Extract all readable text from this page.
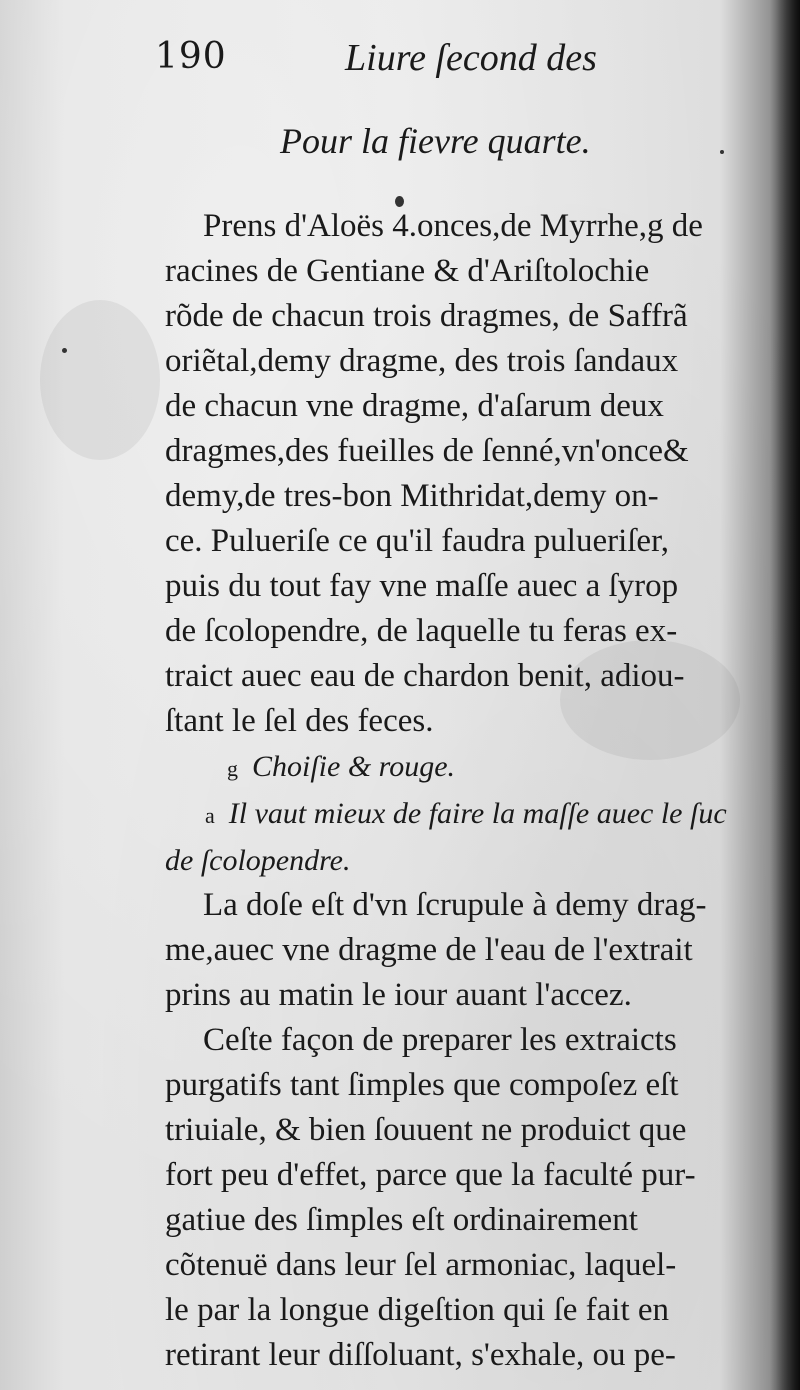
190	Liure ſecond des
Pour la fievre quarte.
Prens d'Aloës 4.onces,de Myrrhe,g de
racines de Gentiane & d'Ariſtolochie
rõde de chacun trois dragmes, de Saffrã
oriẽtal,demy dragme, des trois ſandaux
de chacun vne dragme, d'aſarum deux
dragmes,des fueilles de ſenné,vn'once&
demy,de tres-bon Mithridat,demy on-
ce. Pulueriſe ce qu'il faudra pulueriſer,
puis du tout fay vne maſſe auec a ſyrop
de ſcolopendre, de laquelle tu feras ex-
traict auec eau de chardon benit, adiou-
ſtant le ſel des feces.
g Choiſie & rouge.
a Il vaut mieux de faire la maſſe auec le ſuc
de ſcolopendre.
La doſe eſt d'vn ſcrupule à demy drag-
me,auec vne dragme de l'eau de l'extrait
prins au matin le iour auant l'accez.
Ceſte façon de preparer les extraicts
purgatifs tant ſimples que compoſez eſt
triuiale, & bien ſouuent ne produict que
fort peu d'effet, parce que la faculté pur-
gatiue des ſimples eſt ordinairement
cõtenuë dans leur ſel armoniac, laquel-
le par la longue digeſtion qui ſe fait en
retirant leur diſſoluant, s'exhale, ou pe-
